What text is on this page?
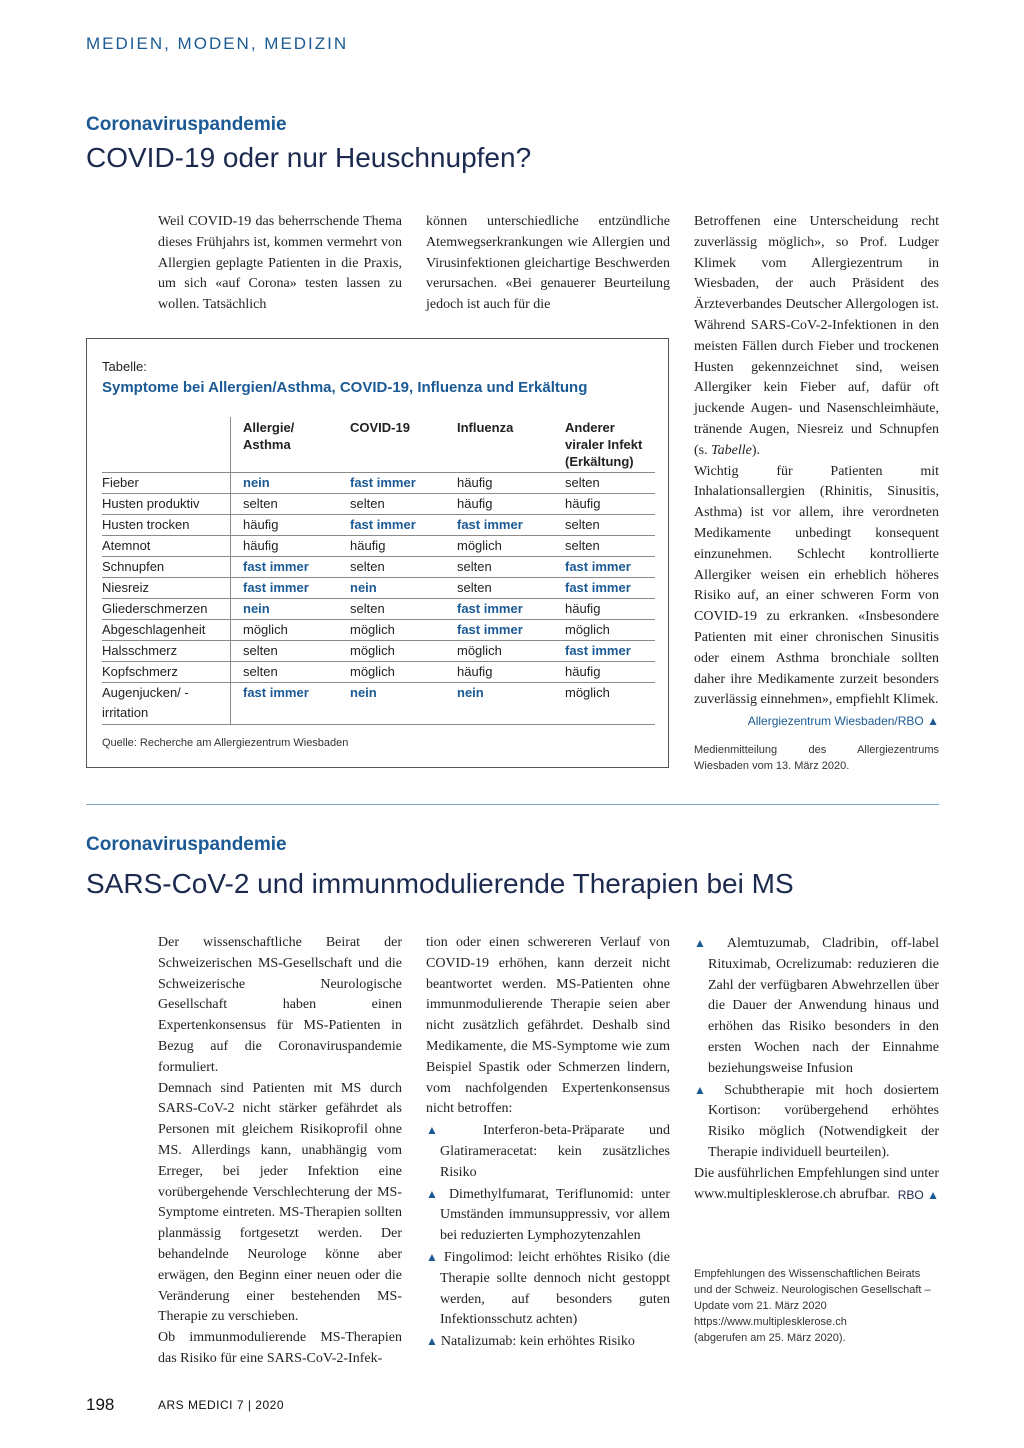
MEDIEN, MODEN, MEDIZIN
Coronaviruspandemie
COVID-19 oder nur Heuschnupfen?

Weil COVID-19 das beherrschende Thema dieses Frühjahrs ist, kommen vermehrt von Allergien geplagte Patienten in die Praxis, um sich «auf Corona» testen lassen zu wollen. Tatsächlich

können unterschiedliche entzündliche Atemwegserkrankungen wie Allergien und Virusinfektionen gleichartige Beschwerden verursachen. «Bei genauerer Beurteilung jedoch ist auch für die

Betroffenen eine Unterscheidung recht zuverlässig möglich», so Prof. Ludger Klimek vom Allergiezentrum in Wiesbaden, der auch Präsident des Ärzteverbandes Deutscher Allergologen ist. Während SARS-CoV-2-Infektionen in den meisten Fällen durch Fieber und trockenen Husten gekennzeichnet sind, weisen Allergiker kein Fieber auf, dafür oft juckende Augen- und Nasenschleimhäute, tränende Augen, Niesreiz und Schnupfen (s. Tabelle).

Wichtig für Patienten mit Inhalationsallergien (Rhinitis, Sinusitis, Asthma) ist vor allem, ihre verordneten Medikamente unbedingt konsequent einzunehmen. Schlecht kontrollierte Allergiker weisen ein erheblich höheres Risiko auf, an einer schweren Form von COVID-19 zu erkranken. «Insbesondere Patienten mit einer chronischen Sinusitis oder einem Asthma bronchiale sollten daher ihre Medikamente zurzeit besonders zuverlässig einnehmen», empfiehlt Klimek.

Allergiezentrum Wiesbaden/RBO ▲

Medienmitteilung des Allergiezentrums Wiesbaden vom 13. März 2020.
Tabelle:
Symptome bei Allergien/Asthma, COVID-19, Influenza und Erkältung
	Allergie/ Asthma	COVID-19	Influenza	Anderer viraler Infekt (Erkältung)
Fieber	nein	fast immer	häufig	selten
Husten produktiv	selten	selten	häufig	häufig
Husten trocken	häufig	fast immer	fast immer	selten
Atemnot	häufig	häufig	möglich	selten
Schnupfen	fast immer	selten	selten	fast immer
Niesreiz	fast immer	nein	selten	fast immer
Gliederschmerzen	nein	selten	fast immer	häufig
Abgeschlagenheit	möglich	möglich	fast immer	möglich
Halsschmerz	selten	möglich	möglich	fast immer
Kopfschmerz	selten	möglich	häufig	häufig
Augenjucken/ -irritation	fast immer	nein	nein	möglich
Quelle: Recherche am Allergiezentrum Wiesbaden
Coronaviruspandemie
SARS-CoV-2 und immunmodulierende Therapien bei MS

Der wissenschaftliche Beirat der Schweizerischen MS-Gesellschaft und die Schweizerische Neurologische Gesellschaft haben einen Expertenkonsensus für MS-Patienten in Bezug auf die Coronaviruspandemie formuliert.

Demnach sind Patienten mit MS durch SARS-CoV-2 nicht stärker gefährdet als Personen mit gleichem Risikoprofil ohne MS. Allerdings kann, unabhängig vom Erreger, bei jeder Infektion eine vorübergehende Verschlechterung der MS-Symptome eintreten. MS-Therapien sollten planmässig fortgesetzt werden. Der behandelnde Neurologe könne aber erwägen, den Beginn einer neuen oder die Veränderung einer bestehenden MS-Therapie zu verschieben.

Ob immunmodulierende MS-Therapien das Risiko für eine SARS-CoV-2-Infek-

tion oder einen schwereren Verlauf von COVID-19 erhöhen, kann derzeit nicht beantwortet werden. MS-Patienten ohne immunmodulierende Therapie seien aber nicht zusätzlich gefährdet. Deshalb sind Medikamente, die MS-Symptome wie zum Beispiel Spastik oder Schmerzen lindern, vom nachfolgenden Expertenkonsensus nicht betroffen:

▲ Interferon-beta-Präparate und Glatirameracetat: kein zusätzliches Risiko

▲ Dimethylfumarat, Teriflunomid: unter Umständen immunsuppressiv, vor allem bei reduzierten Lymphozytenzahlen

▲ Fingolimod: leicht erhöhtes Risiko (die Therapie sollte dennoch nicht gestoppt werden, auf besonders guten Infektionsschutz achten)

▲ Natalizumab: kein erhöhtes Risiko

▲ Alemtuzumab, Cladribin, off-label Rituximab, Ocrelizumab: reduzieren die Zahl der verfügbaren Abwehrzellen über die Dauer der Anwendung hinaus und erhöhen das Risiko besonders in den ersten Wochen nach der Einnahme beziehungsweise Infusion

▲ Schubtherapie mit hoch dosiertem Kortison: vorübergehend erhöhtes Risiko möglich (Notwendigkeit der Therapie individuell beurteilen).

Die ausführlichen Empfehlungen sind unter www.multiplesklerose.ch abrufbar. RBO ▲

Empfehlungen des Wissenschaftlichen Beirats und der Schweiz. Neurologischen Gesellschaft – Update vom 21. März 2020
https://www.multiplesklerose.ch
(abgerufen am 25. März 2020).
198	ARS MEDICI 7 | 2020
